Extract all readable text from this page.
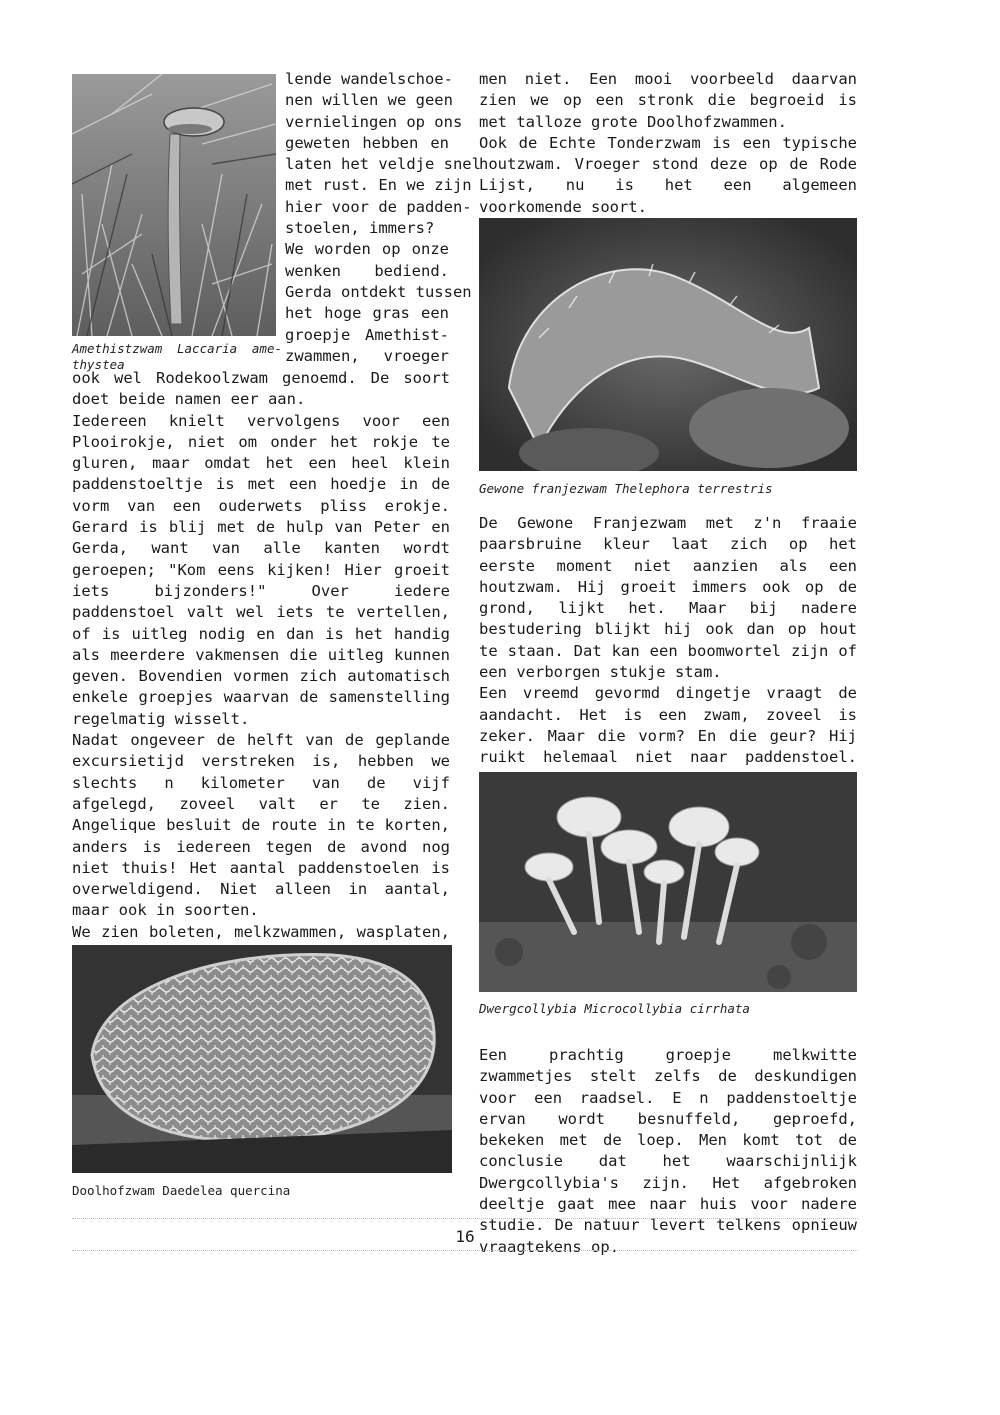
Amethistzwam Laccaria ame-
thystea
lende wandelschoe-
nen willen we geen
vernielingen op ons
geweten hebben en
laten het veldje snel
met rust. En we zijn
hier voor de padden-
stoelen, immers?
We worden op onze
wenken bediend.
Gerda ontdekt tussen
het hoge gras een
groepje Amethist-
zwammen, vroeger

ook wel Rodekoolzwam genoemd. De soort doet beide namen eer aan.

Iedereen knielt vervolgens voor een Plooirokje, niet om onder het rokje te gluren, maar omdat het een heel klein paddenstoeltje is met een hoedje in de vorm van een ouderwets pliss erokje. Gerard is blij met de hulp van Peter en Gerda, want van alle kanten wordt geroepen; "Kom eens kijken! Hier groeit iets bijzonders!" Over iedere paddenstoel valt wel iets te vertellen, of is uitleg nodig en dan is het handig als meerdere vakmensen die uitleg kunnen geven. Bovendien vormen zich automatisch enkele groepjes waarvan de samenstelling regelmatig wisselt.

Nadat ongeveer de helft van de geplande excursietijd verstreken is, hebben we slechts n kilometer van de vijf afgelegd, zoveel valt er te zien. Angelique besluit de route in te korten, anders is iedereen tegen de avond nog niet thuis! Het aantal paddenstoelen is overweldigend. Niet alleen in aantal, maar ook in soorten.

We zien boleten, melkzwammen, wasplaten,

Doolhofzwam Daedelea quercina

men niet. Een mooi voorbeeld daarvan zien we op een stronk die begroeid is met talloze grote Doolhofzwammen.

Ook de Echte Tonderzwam is een typische houtzwam. Vroeger stond deze op de Rode Lijst, nu is het een algemeen voorkomende soort.

Gewone franjezwam Thelephora terrestris

De Gewone Franjezwam met z'n fraaie paarsbruine kleur laat zich op het eerste moment niet aanzien als een houtzwam. Hij groeit immers ook op de grond, lijkt het. Maar bij nadere bestudering blijkt hij ook dan op hout te staan. Dat kan een boomwortel zijn of een verborgen stukje stam.

Een vreemd gevormd dingetje vraagt de aandacht. Het is een zwam, zoveel is zeker. Maar die vorm? En die geur? Hij ruikt helemaal niet naar paddenstoel.

Dwergcollybia Microcollybia cirrhata

Een prachtig groepje melkwitte zwammetjes stelt zelfs de deskundigen voor een raadsel. E n paddenstoeltje ervan wordt besnuffeld, geproefd, bekeken met de loep. Men komt tot de conclusie dat het waarschijnlijk Dwergcollybia's zijn. Het afgebroken deeltje gaat mee naar huis voor nadere studie. De natuur levert telkens opnieuw vraagtekens op.

16
